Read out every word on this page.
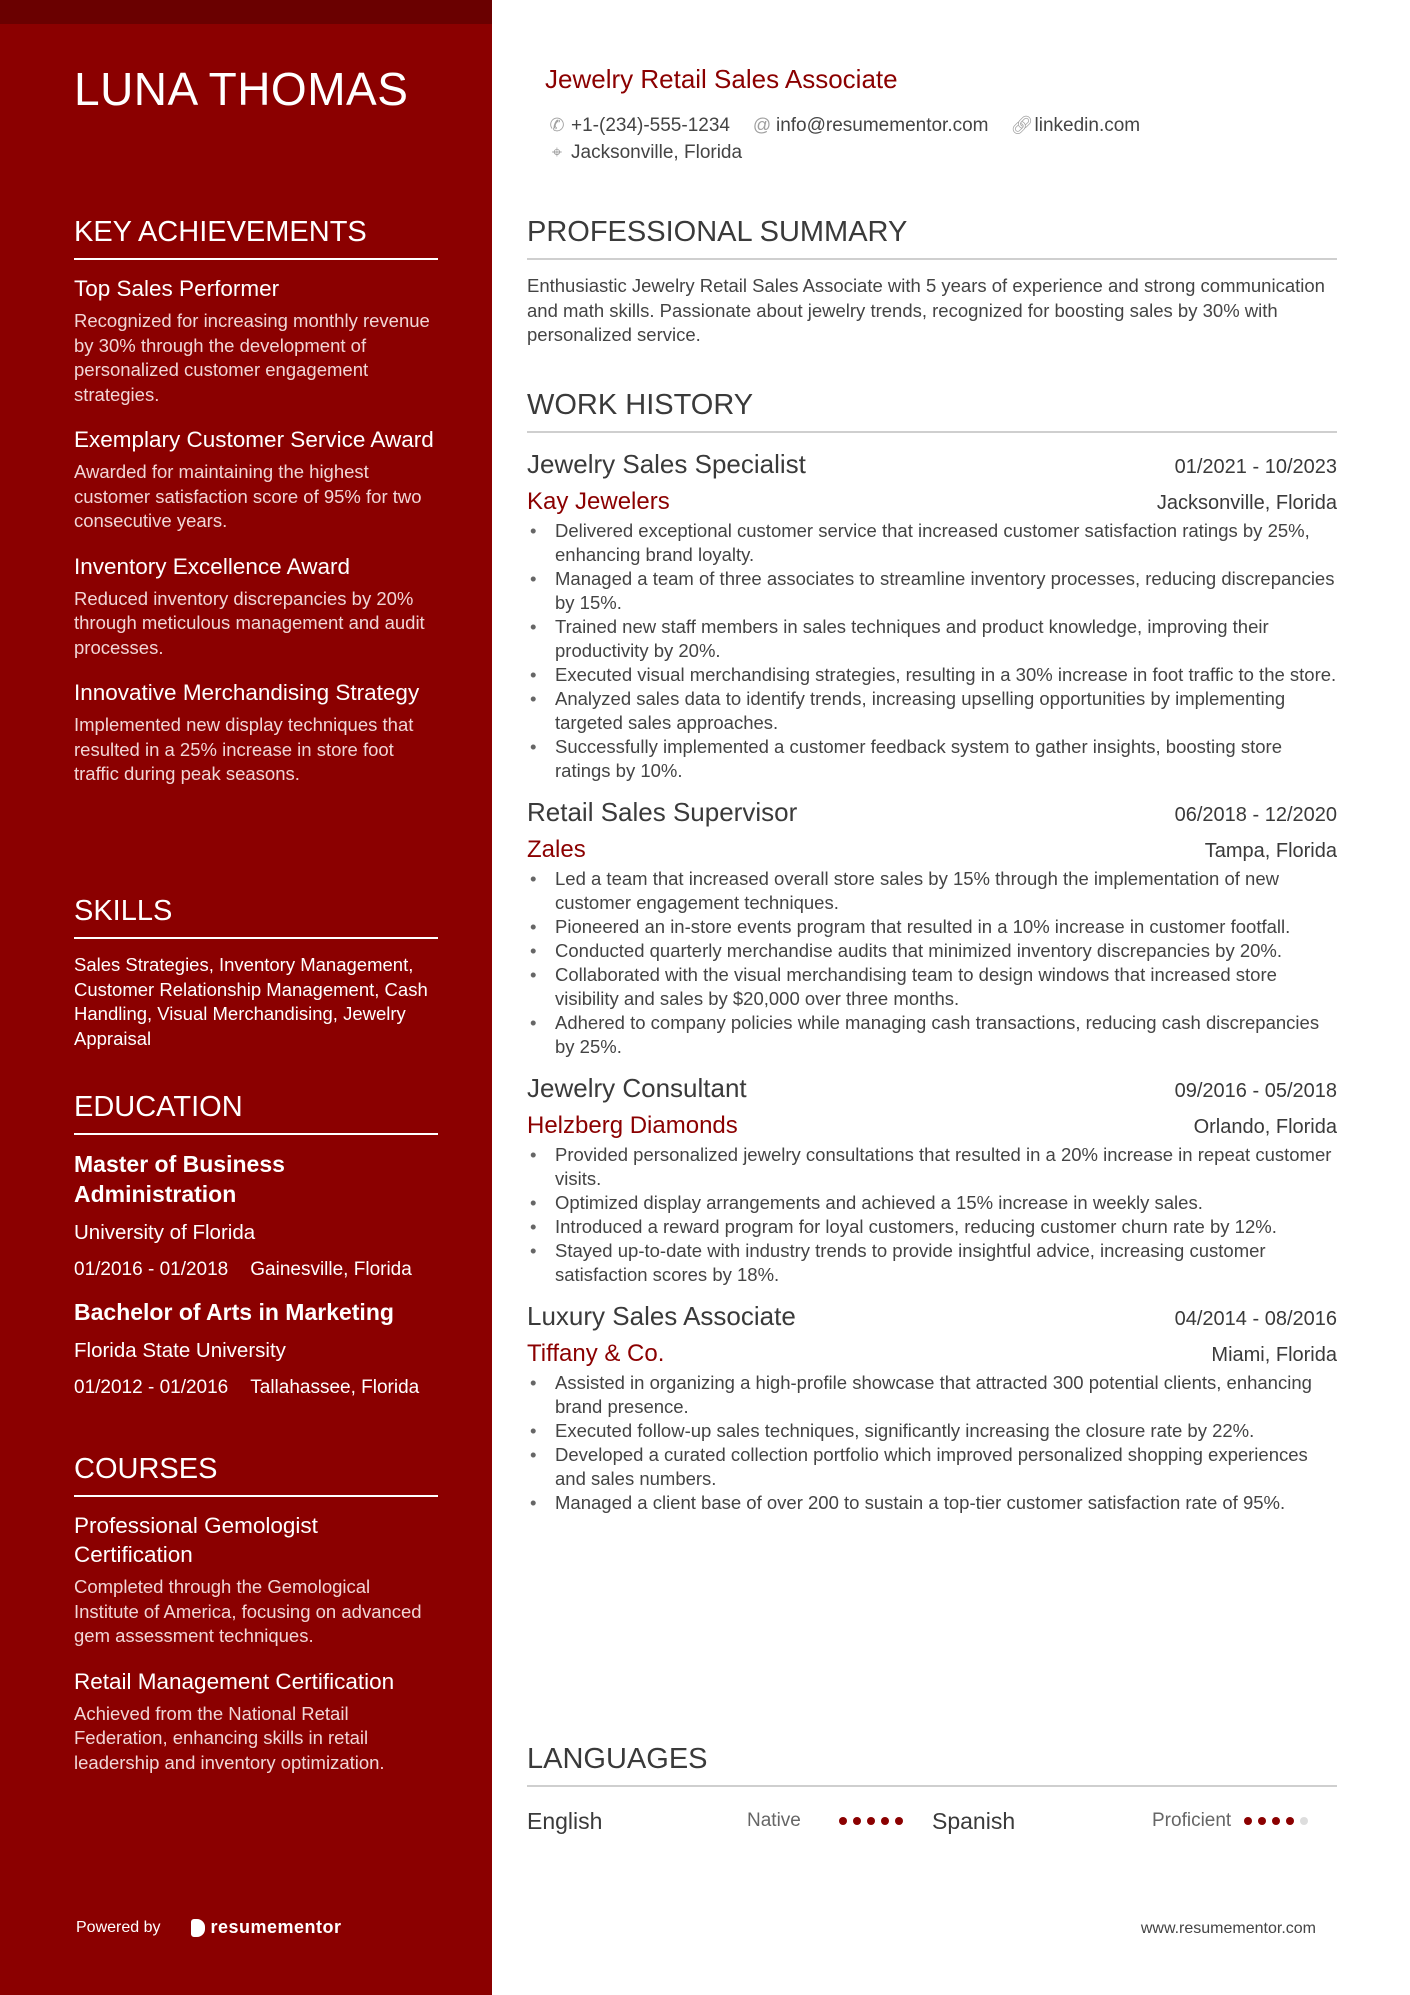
LUNA THOMAS
KEY ACHIEVEMENTS
Top Sales Performer
Recognized for increasing monthly revenue by 30% through the development of personalized customer engagement strategies.
Exemplary Customer Service Award
Awarded for maintaining the highest customer satisfaction score of 95% for two consecutive years.
Inventory Excellence Award
Reduced inventory discrepancies by 20% through meticulous management and audit processes.
Innovative Merchandising Strategy
Implemented new display techniques that resulted in a 25% increase in store foot traffic during peak seasons.
SKILLS
Sales Strategies, Inventory Management, Customer Relationship Management, Cash Handling, Visual Merchandising, Jewelry Appraisal
EDUCATION
Master of Business Administration
University of Florida
01/2016 - 01/2018 Gainesville, Florida
Bachelor of Arts in Marketing
Florida State University
01/2012 - 01/2016 Tallahassee, Florida
COURSES
Professional Gemologist Certification
Completed through the Gemological Institute of America, focusing on advanced gem assessment techniques.
Retail Management Certification
Achieved from the National Retail Federation, enhancing skills in retail leadership and inventory optimization.
Powered by	resumementor
Jewelry Retail Sales Associate
✆ +1-(234)-555-1234 @ info@resumementor.com 🔗︎ linkedin.com
⌖ Jacksonville, Florida
PROFESSIONAL SUMMARY
Enthusiastic Jewelry Retail Sales Associate with 5 years of experience and strong communication and math skills. Passionate about jewelry trends, recognized for boosting sales by 30% with personalized service.
WORK HISTORY
Jewelry Sales Specialist	01/2021 - 10/2023
Kay Jewelers	Jacksonville, Florida
• Delivered exceptional customer service that increased customer satisfaction ratings by 25%, enhancing brand loyalty.
• Managed a team of three associates to streamline inventory processes, reducing discrepancies by 15%.
• Trained new staff members in sales techniques and product knowledge, improving their productivity by 20%.
• Executed visual merchandising strategies, resulting in a 30% increase in foot traffic to the store.
• Analyzed sales data to identify trends, increasing upselling opportunities by implementing targeted sales approaches.
• Successfully implemented a customer feedback system to gather insights, boosting store ratings by 10%.
Retail Sales Supervisor	06/2018 - 12/2020
Zales	Tampa, Florida
• Led a team that increased overall store sales by 15% through the implementation of new customer engagement techniques.
• Pioneered an in-store events program that resulted in a 10% increase in customer footfall.
• Conducted quarterly merchandise audits that minimized inventory discrepancies by 20%.
• Collaborated with the visual merchandising team to design windows that increased store visibility and sales by $20,000 over three months.
• Adhered to company policies while managing cash transactions, reducing cash discrepancies by 25%.
Jewelry Consultant	09/2016 - 05/2018
Helzberg Diamonds	Orlando, Florida
• Provided personalized jewelry consultations that resulted in a 20% increase in repeat customer visits.
• Optimized display arrangements and achieved a 15% increase in weekly sales.
• Introduced a reward program for loyal customers, reducing customer churn rate by 12%.
• Stayed up-to-date with industry trends to provide insightful advice, increasing customer satisfaction scores by 18%.
Luxury Sales Associate	04/2014 - 08/2016
Tiffany & Co.	Miami, Florida
• Assisted in organizing a high-profile showcase that attracted 300 potential clients, enhancing brand presence.
• Executed follow-up sales techniques, significantly increasing the closure rate by 22%.
• Developed a curated collection portfolio which improved personalized shopping experiences and sales numbers.
• Managed a client base of over 200 to sustain a top-tier customer satisfaction rate of 95%.
LANGUAGES
English	Native	Spanish	Proficient
www.resumementor.com
